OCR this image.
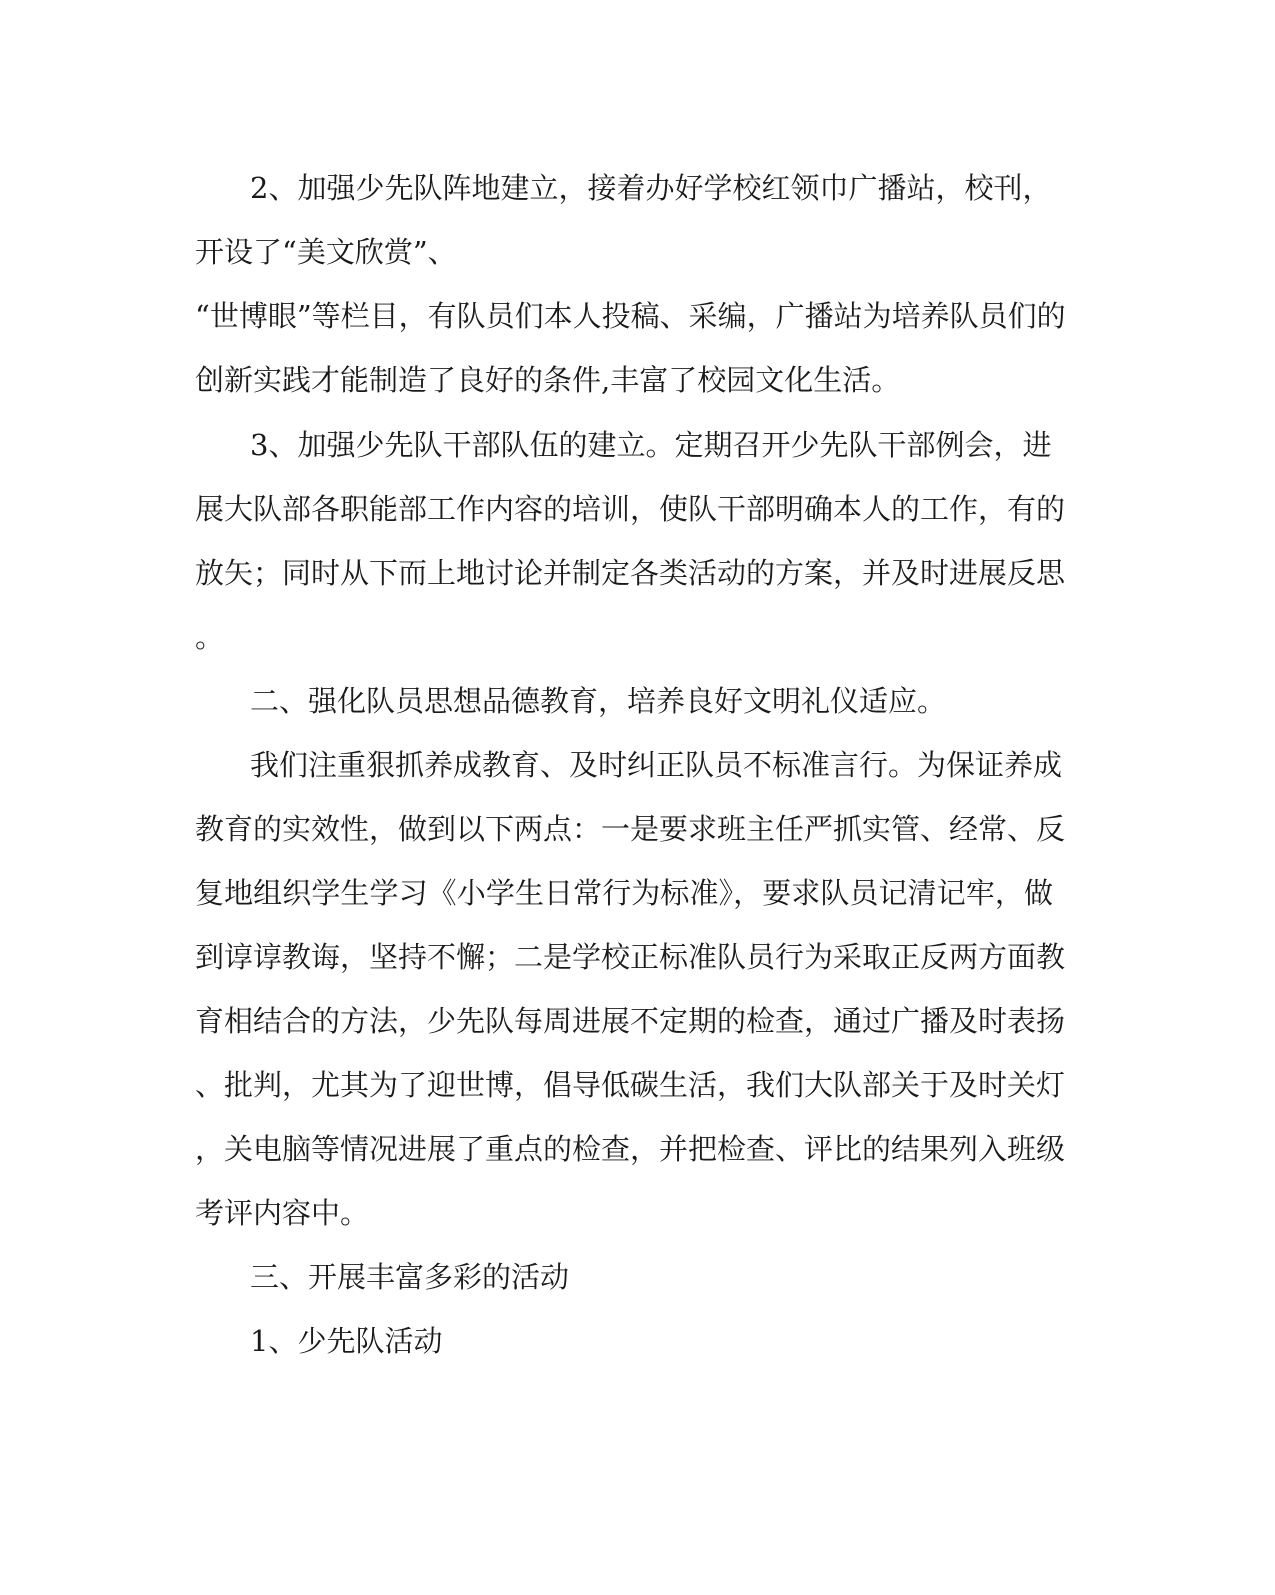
2、加强少先队阵地建立，接着办好学校红领巾广播站，校刊，
开设了“美文欣赏”、
“世博眼”等栏目，有队员们本人投稿、采编，广播站为培养队员们的
创新实践才能制造了良好的条件,丰富了校园文化生活。
3、加强少先队干部队伍的建立。定期召开少先队干部例会，进
展大队部各职能部工作内容的培训，使队干部明确本人的工作，有的
放矢；同时从下而上地讨论并制定各类活动的方案，并及时进展反思
。
二、强化队员思想品德教育，培养良好文明礼仪适应。
我们注重狠抓养成教育、及时纠正队员不标准言行。为保证养成
教育的实效性，做到以下两点：一是要求班主任严抓实管、经常、反
复地组织学生学习《小学生日常行为标准》，要求队员记清记牢，做
到谆谆教诲，坚持不懈；二是学校正标准队员行为采取正反两方面教
育相结合的方法，少先队每周进展不定期的检查，通过广播及时表扬
、批判，尤其为了迎世博，倡导低碳生活，我们大队部关于及时关灯
，关电脑等情况进展了重点的检查，并把检查、评比的结果列入班级
考评内容中。
三、开展丰富多彩的活动
1、少先队活动
